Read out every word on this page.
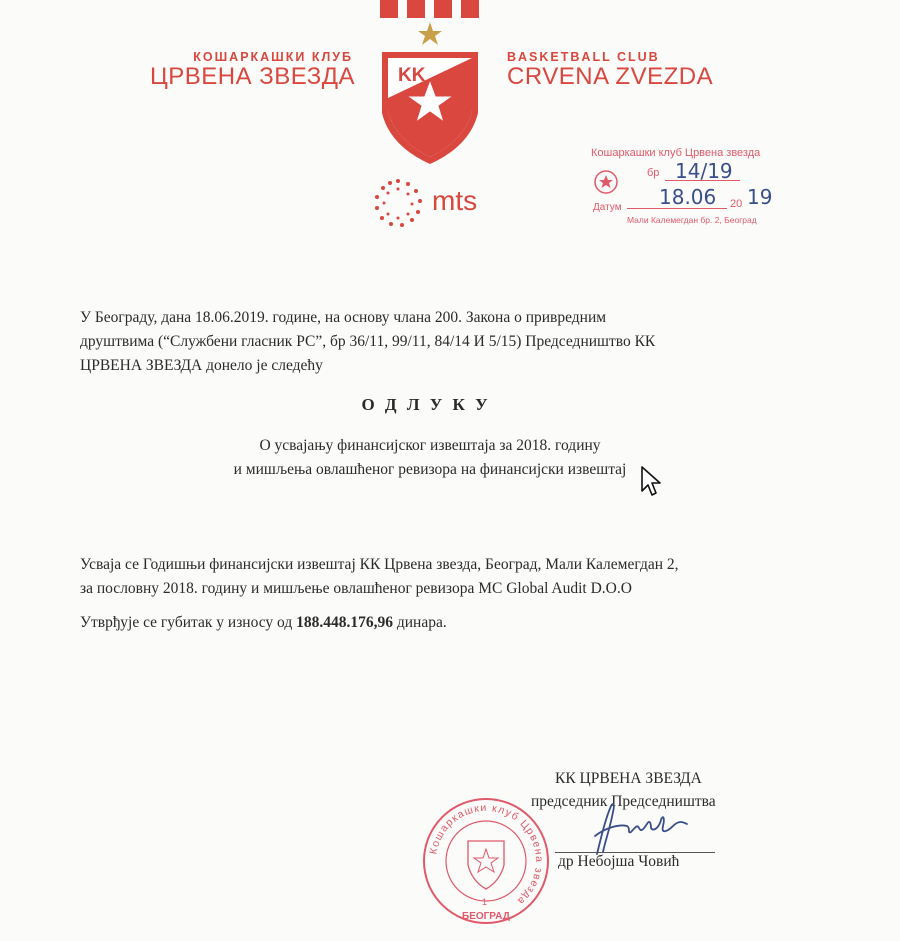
КОШАРКАШКИ КЛУБ
ЦРВЕНА ЗВЕЗДА
BASKETBALL CLUB
CRVENA ZVEZDA
KK
mts
Кошаркашки клуб Црвена звезда
бр 14/19
18.06
Датум	20 19
Мали Калемегдан бр. 2, Београд
У Београду, дана 18.06.2019. године, на основу члана 200. Закона о привредним
друштвима (“Службени гласник РС”, бр 36/11, 99/11, 84/14 И 5/15) Председништво КК
ЦРВЕНА ЗВЕЗДА донело је следећу
О Д Л У К У
О усвајању финансијског извештаја за 2018. годину
и мишљења овлашћеног ревизора на финансијски извештај
Усваја се Годишњи финансијски извештај КК Црвена звезда, Београд, Мали Калемегдан 2,
за пословну 2018. годину и мишљење овлашћеног ревизора MC Global Audit D.O.O
Утврђује се губитак у износу од 188.448.176,96 динара.
КК ЦРВЕНА ЗВЕЗДА
председник Председништва
др Небојша Човић
Кошаркашки клуб Црвена звезда
1
БЕОГРАД
